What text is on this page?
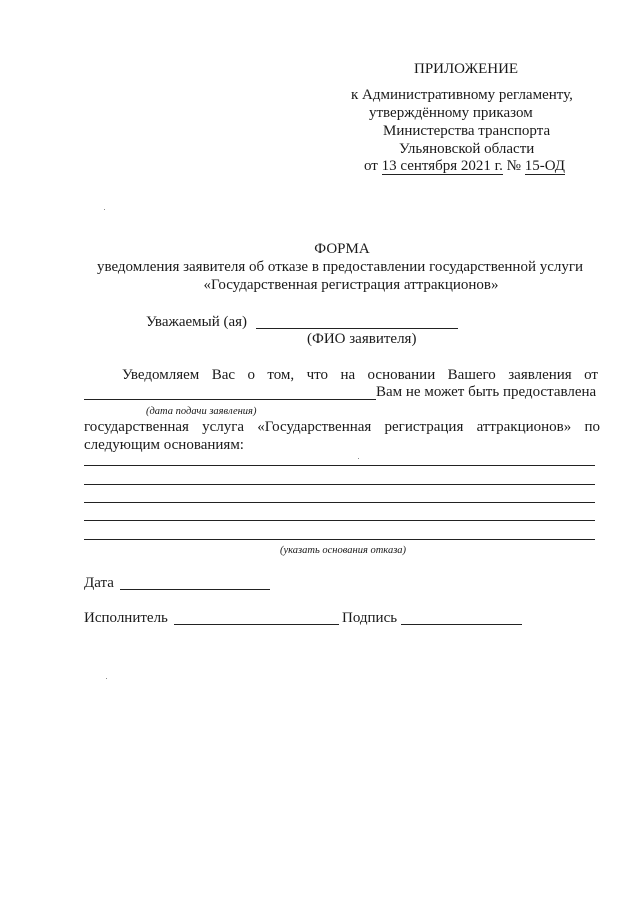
ПРИЛОЖЕНИЕ
к Административному регламенту,
утверждённому приказом
Министерства транспорта
Ульяновской области
от 13 сентября 2021 г. № 15-ОД
ФОРМА
уведомления заявителя об отказе в предоставлении государственной услуги
«Государственная регистрация аттракционов»
Уважаемый (ая)
(ФИО заявителя)
Уведомляем Вас о том, что на основании Вашего заявления от
Вам не может быть предоставлена
(дата подачи заявления)
государственная услуга «Государственная регистрация аттракционов» по
следующим основаниям:
(указать основания отказа)
Дата
Исполнитель	Подпись
